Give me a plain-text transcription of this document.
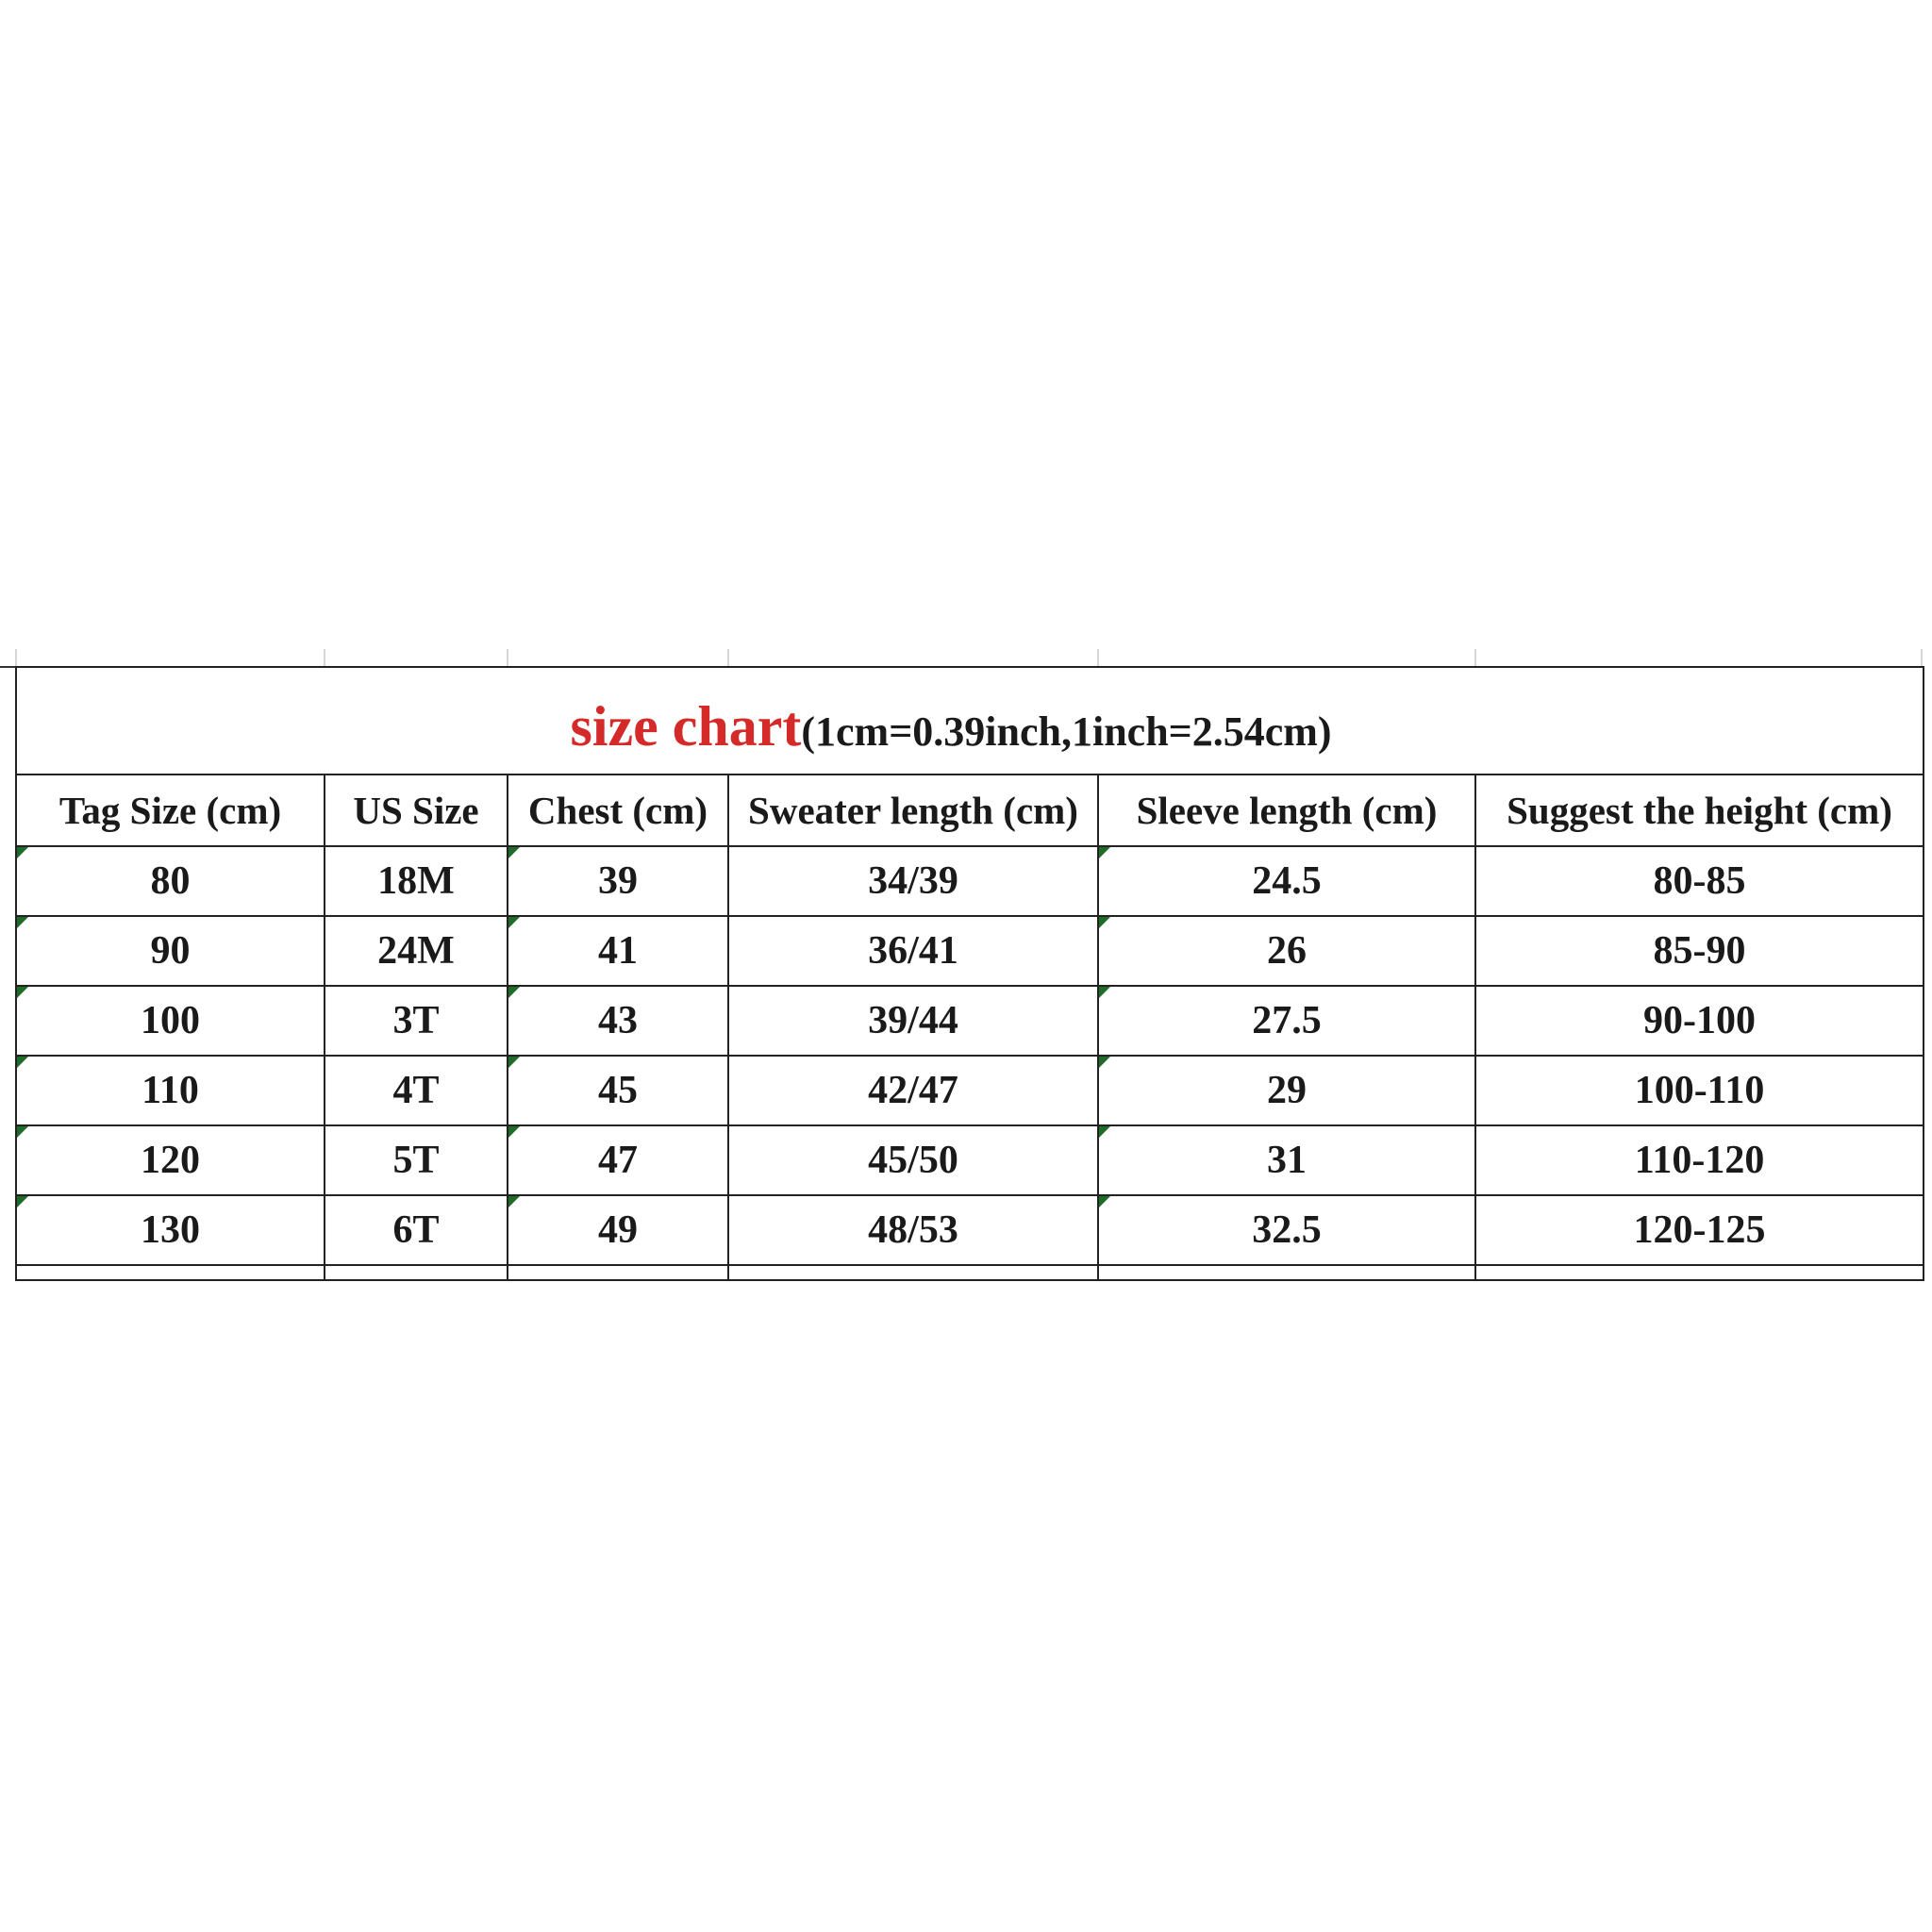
size chart(1cm=0.39inch,1inch=2.54cm)					
Tag Size (cm)	US Size	Chest (cm)	Sweater length (cm)	Sleeve length (cm)	Suggest the height (cm)
80	18M	39	34/39	24.5	80-85
90	24M	41	36/41	26	85-90
100	3T	43	39/44	27.5	90-100
110	4T	45	42/47	29	100-110
120	5T	47	45/50	31	110-120
130	6T	49	48/53	32.5	120-125
